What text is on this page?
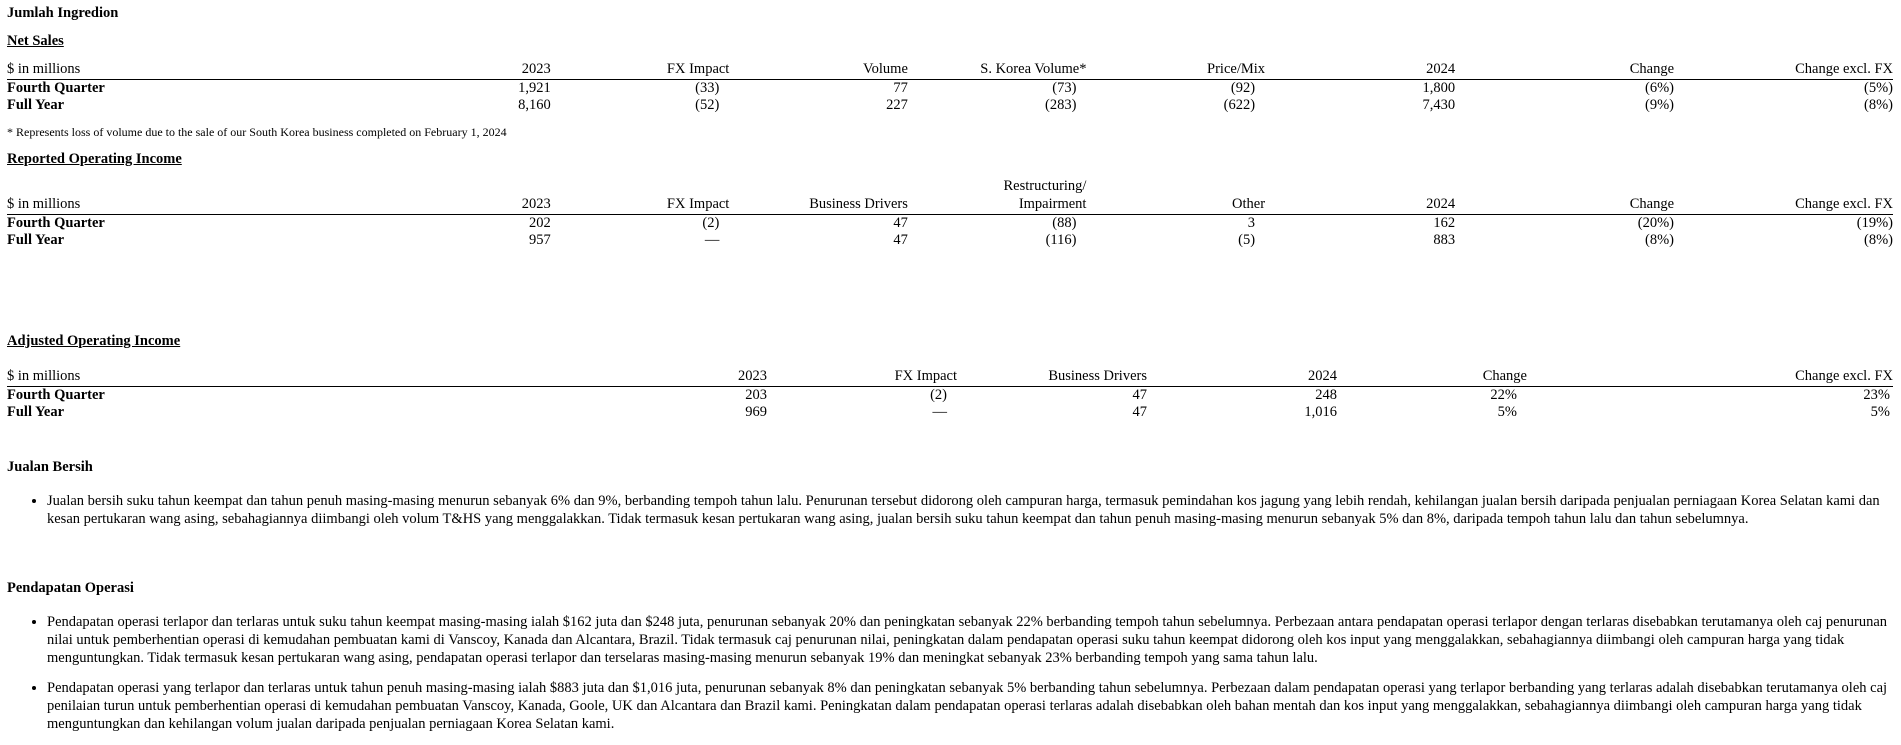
Jumlah Ingredion
Net Sales
$ in millions	2023	FX Impact	Volume	S. Korea Volume*	Price/Mix	2024	Change	Change excl. FX
Fourth Quarter	1,921	(33)	77	(73)	(92)	1,800	(6%)	(5%)
Full Year	8,160	(52)	227	(283)	(622)	7,430	(9%)	(8%)
* Represents loss of volume due to the sale of our South Korea business completed on February 1, 2024
Reported Operating Income
$ in millions	2023	FX Impact	Business Drivers	Restructuring/ Impairment	Other	2024	Change	Change excl. FX
Fourth Quarter	202	(2)	47	(88)	3	162	(20%)	(19%)
Full Year	957	—	47	(116)	(5)	883	(8%)	(8%)
Adjusted Operating Income
$ in millions	2023	FX Impact	Business Drivers	2024	Change	Change excl. FX
Fourth Quarter	203	(2)	47	248	22%	23%
Full Year	969	—	47	1,016	5%	5%
Jualan Bersih
• Jualan bersih suku tahun keempat dan tahun penuh masing-masing menurun sebanyak 6% dan 9%, berbanding tempoh tahun lalu. Penurunan tersebut didorong oleh campuran harga, termasuk pemindahan kos jagung yang lebih rendah, kehilangan jualan bersih daripada penjualan perniagaan Korea Selatan kami dan kesan pertukaran wang asing, sebahagiannya diimbangi oleh volum T&HS yang menggalakkan. Tidak termasuk kesan pertukaran wang asing, jualan bersih suku tahun keempat dan tahun penuh masing-masing menurun sebanyak 5% dan 8%, daripada tempoh tahun lalu dan tahun sebelumnya.
Pendapatan Operasi
• Pendapatan operasi terlapor dan terlaras untuk suku tahun keempat masing-masing ialah $162 juta dan $248 juta, penurunan sebanyak 20% dan peningkatan sebanyak 22% berbanding tempoh tahun sebelumnya. Perbezaan antara pendapatan operasi terlapor dengan terlaras disebabkan terutamanya oleh caj penurunan nilai untuk pemberhentian operasi di kemudahan pembuatan kami di Vanscoy, Kanada dan Alcantara, Brazil. Tidak termasuk caj penurunan nilai, peningkatan dalam pendapatan operasi suku tahun keempat didorong oleh kos input yang menggalakkan, sebahagiannya diimbangi oleh campuran harga yang tidak menguntungkan. Tidak termasuk kesan pertukaran wang asing, pendapatan operasi terlapor dan terselaras masing-masing menurun sebanyak 19% dan meningkat sebanyak 23% berbanding tempoh yang sama tahun lalu.
• Pendapatan operasi yang terlapor dan terlaras untuk tahun penuh masing-masing ialah $883 juta dan $1,016 juta, penurunan sebanyak 8% dan peningkatan sebanyak 5% berbanding tahun sebelumnya. Perbezaan dalam pendapatan operasi yang terlapor berbanding yang terlaras adalah disebabkan terutamanya oleh caj penilaian turun untuk pemberhentian operasi di kemudahan pembuatan Vanscoy, Kanada, Goole, UK dan Alcantara dan Brazil kami. Peningkatan dalam pendapatan operasi terlaras adalah disebabkan oleh bahan mentah dan kos input yang menggalakkan, sebahagiannya diimbangi oleh campuran harga yang tidak menguntungkan dan kehilangan volum jualan daripada penjualan perniagaan Korea Selatan kami.
